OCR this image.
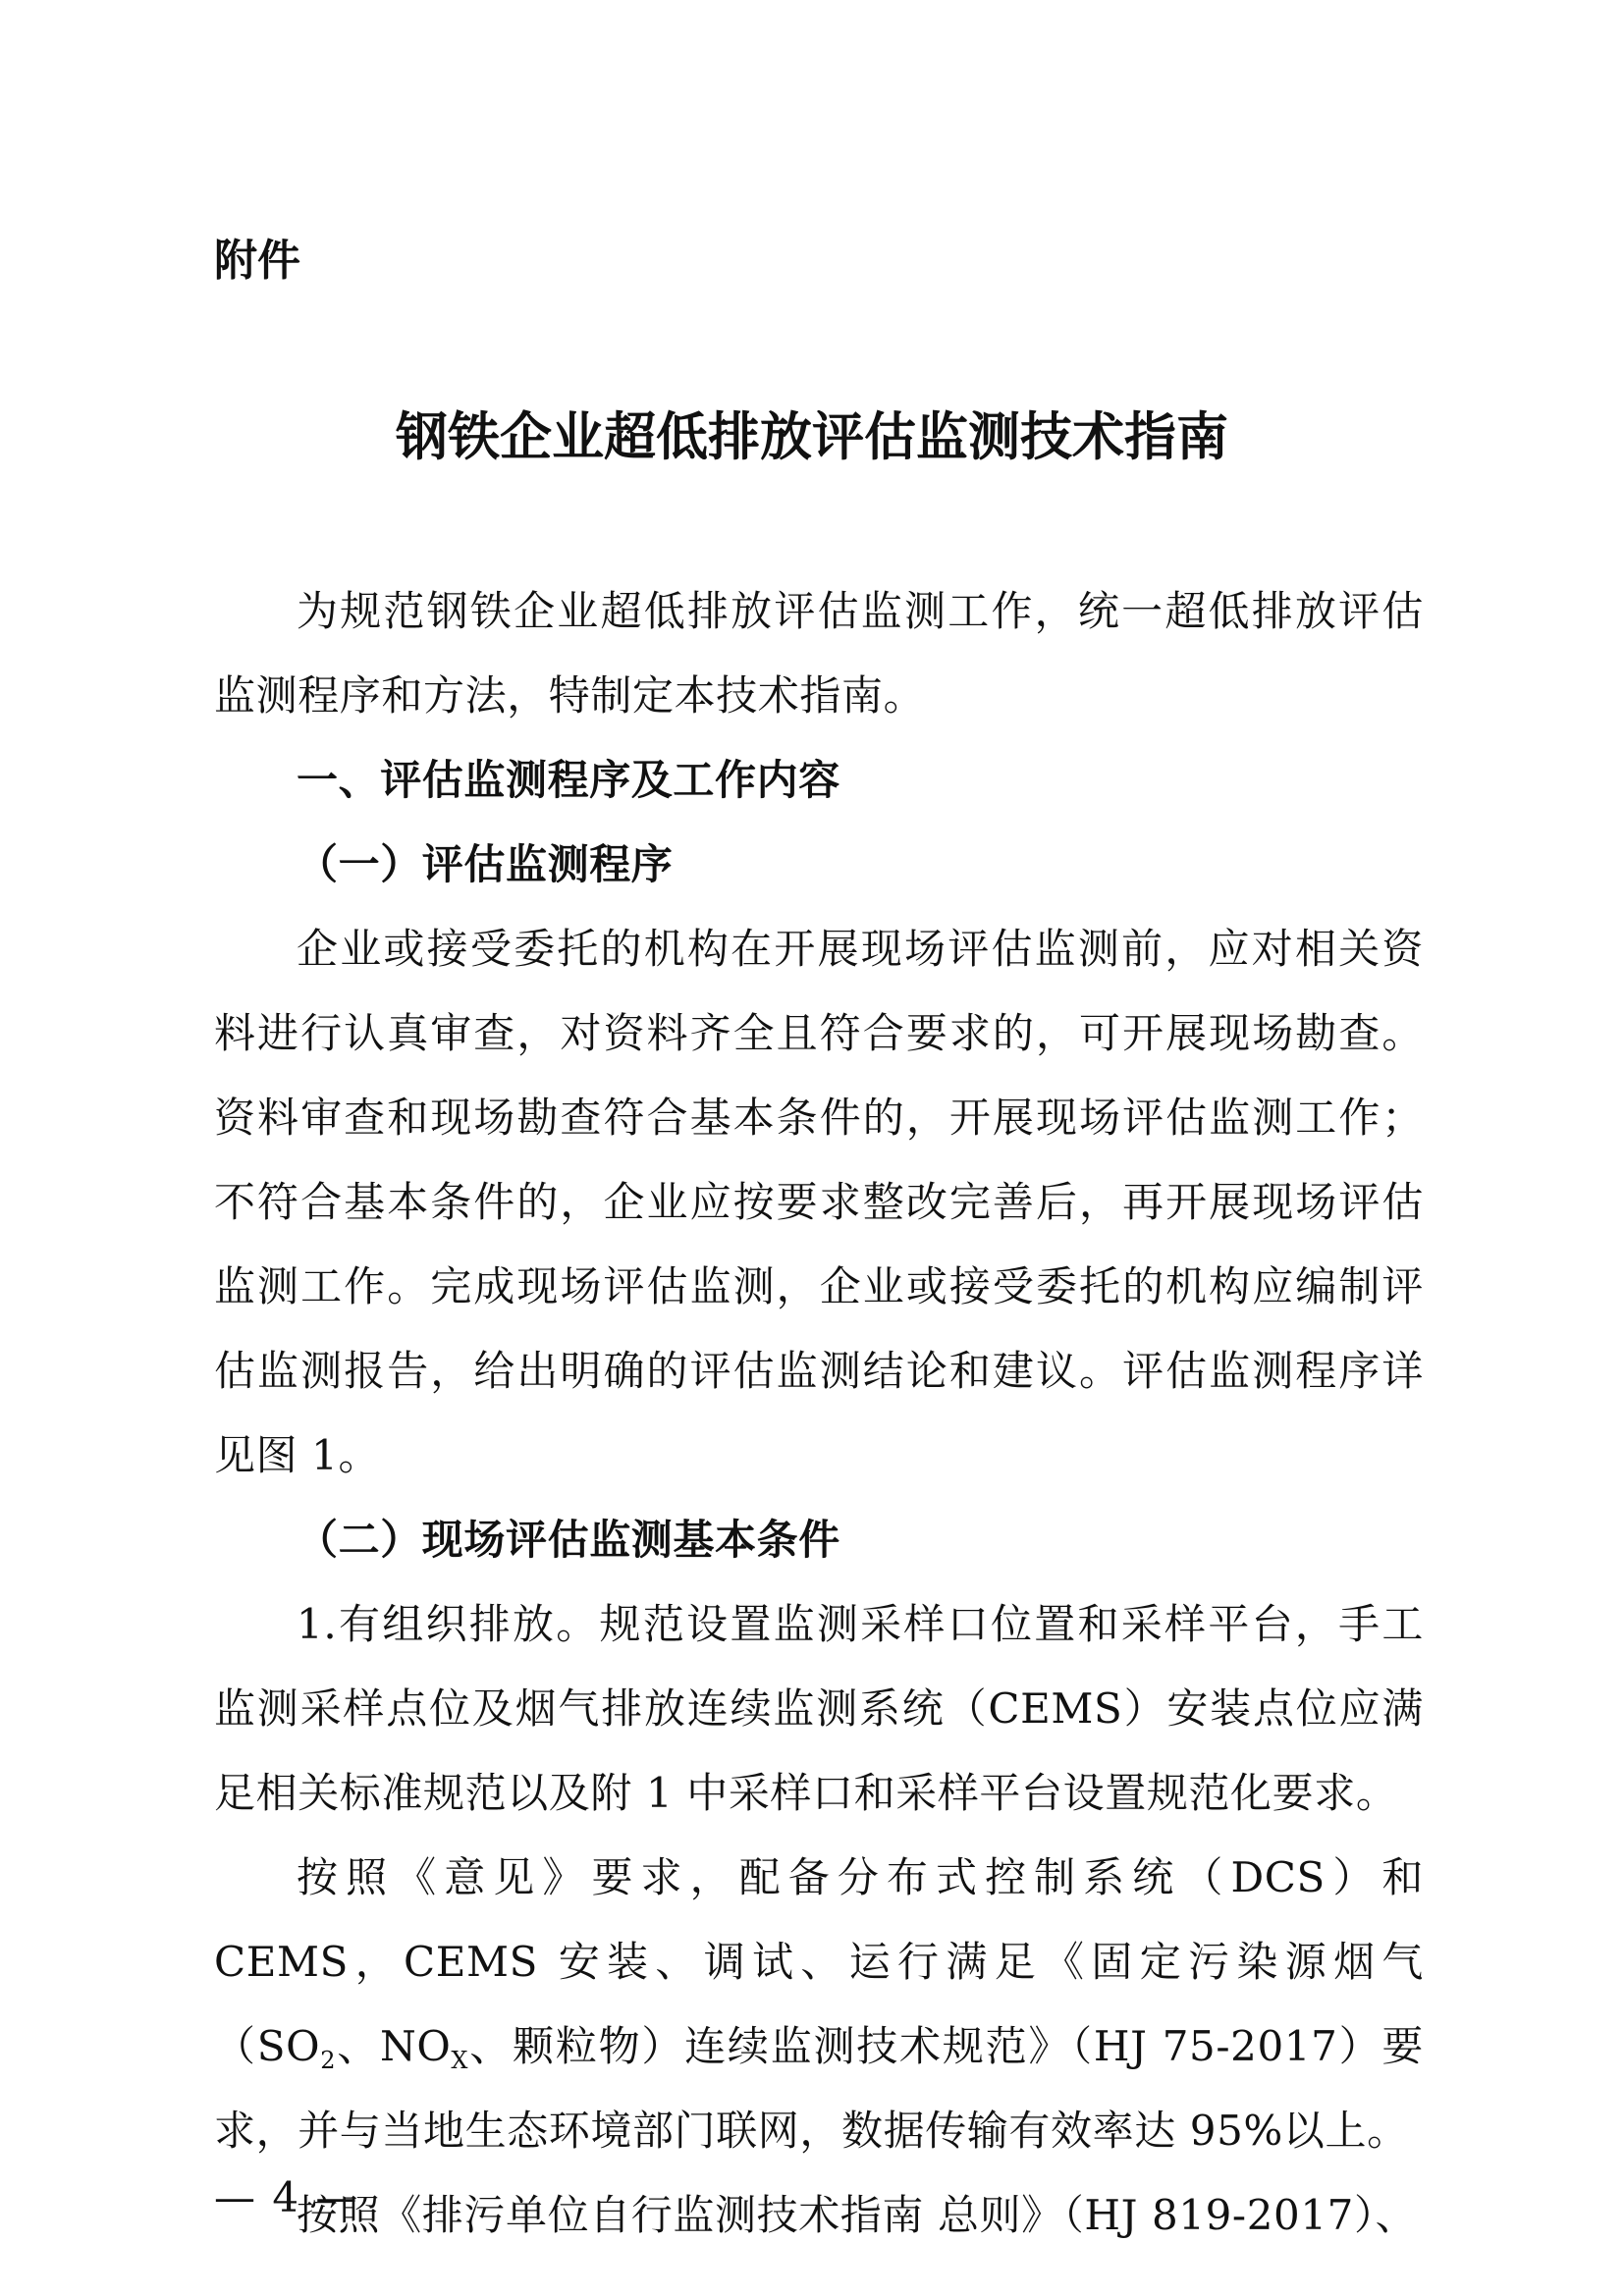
附件

钢铁企业超低排放评估监测技术指南

为规范钢铁企业超低排放评估监测工作，统一超低排放评估监测程序和方法，特制定本技术指南。

一、评估监测程序及工作内容

（一）评估监测程序

企业或接受委托的机构在开展现场评估监测前，应对相关资料进行认真审查，对资料齐全且符合要求的，可开展现场勘查。资料审查和现场勘查符合基本条件的，开展现场评估监测工作；不符合基本条件的，企业应按要求整改完善后，再开展现场评估监测工作。完成现场评估监测，企业或接受委托的机构应编制评估监测报告，给出明确的评估监测结论和建议。评估监测程序详见图 1。

（二）现场评估监测基本条件

1.有组织排放。规范设置监测采样口位置和采样平台，手工监测采样点位及烟气排放连续监测系统（CEMS）安装点位应满足相关标准规范以及附 1 中采样口和采样平台设置规范化要求。

按照《意见》要求，配备分布式控制系统（DCS）和 CEMS，CEMS 安装、调试、运行满足《固定污染源烟气（$SO_2$、$NO_X$、颗粒物）连续监测技术规范》（HJ 75-2017）要求，并与当地生态环境部门联网，数据传输有效率达 95%以上。

按照《排污单位自行监测技术指南 总则》（HJ 819-2017）、

— 4 —
